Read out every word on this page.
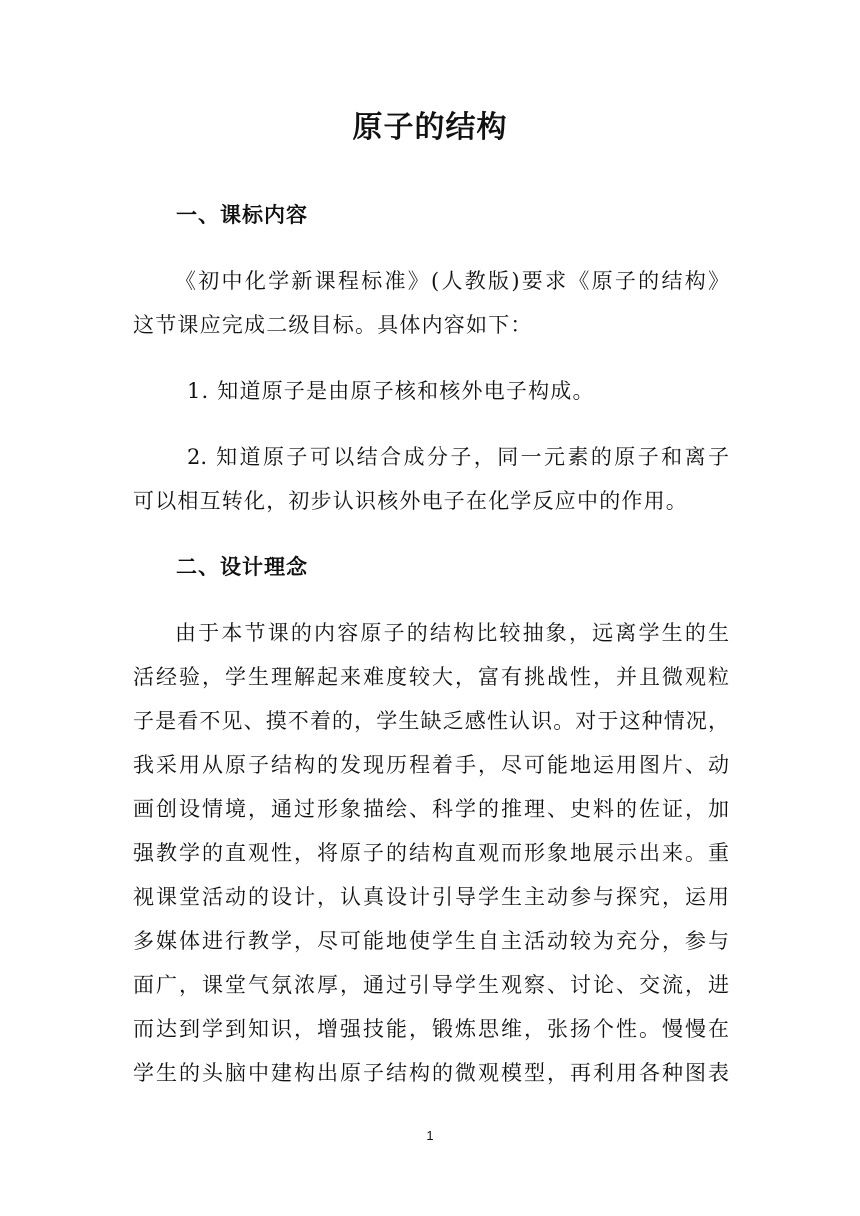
原子的结构
一、课标内容
《初中化学新课程标准》(人教版)要求《原子的结构》
这节课应完成二级目标。具体内容如下：
1. 知道原子是由原子核和核外电子构成。
2. 知道原子可以结合成分子，同一元素的原子和离子
可以相互转化，初步认识核外电子在化学反应中的作用。
二、设计理念
由于本节课的内容原子的结构比较抽象，远离学生的生
活经验，学生理解起来难度较大，富有挑战性，并且微观粒
子是看不见、摸不着的，学生缺乏感性认识。对于这种情况，
我采用从原子结构的发现历程着手，尽可能地运用图片、动
画创设情境，通过形象描绘、科学的推理、史料的佐证，加
强教学的直观性，将原子的结构直观而形象地展示出来。重
视课堂活动的设计，认真设计引导学生主动参与探究，运用
多媒体进行教学，尽可能地使学生自主活动较为充分，参与
面广，课堂气氛浓厚，通过引导学生观察、讨论、交流，进
而达到学到知识，增强技能，锻炼思维，张扬个性。慢慢在
学生的头脑中建构出原子结构的微观模型，再利用各种图表
1
